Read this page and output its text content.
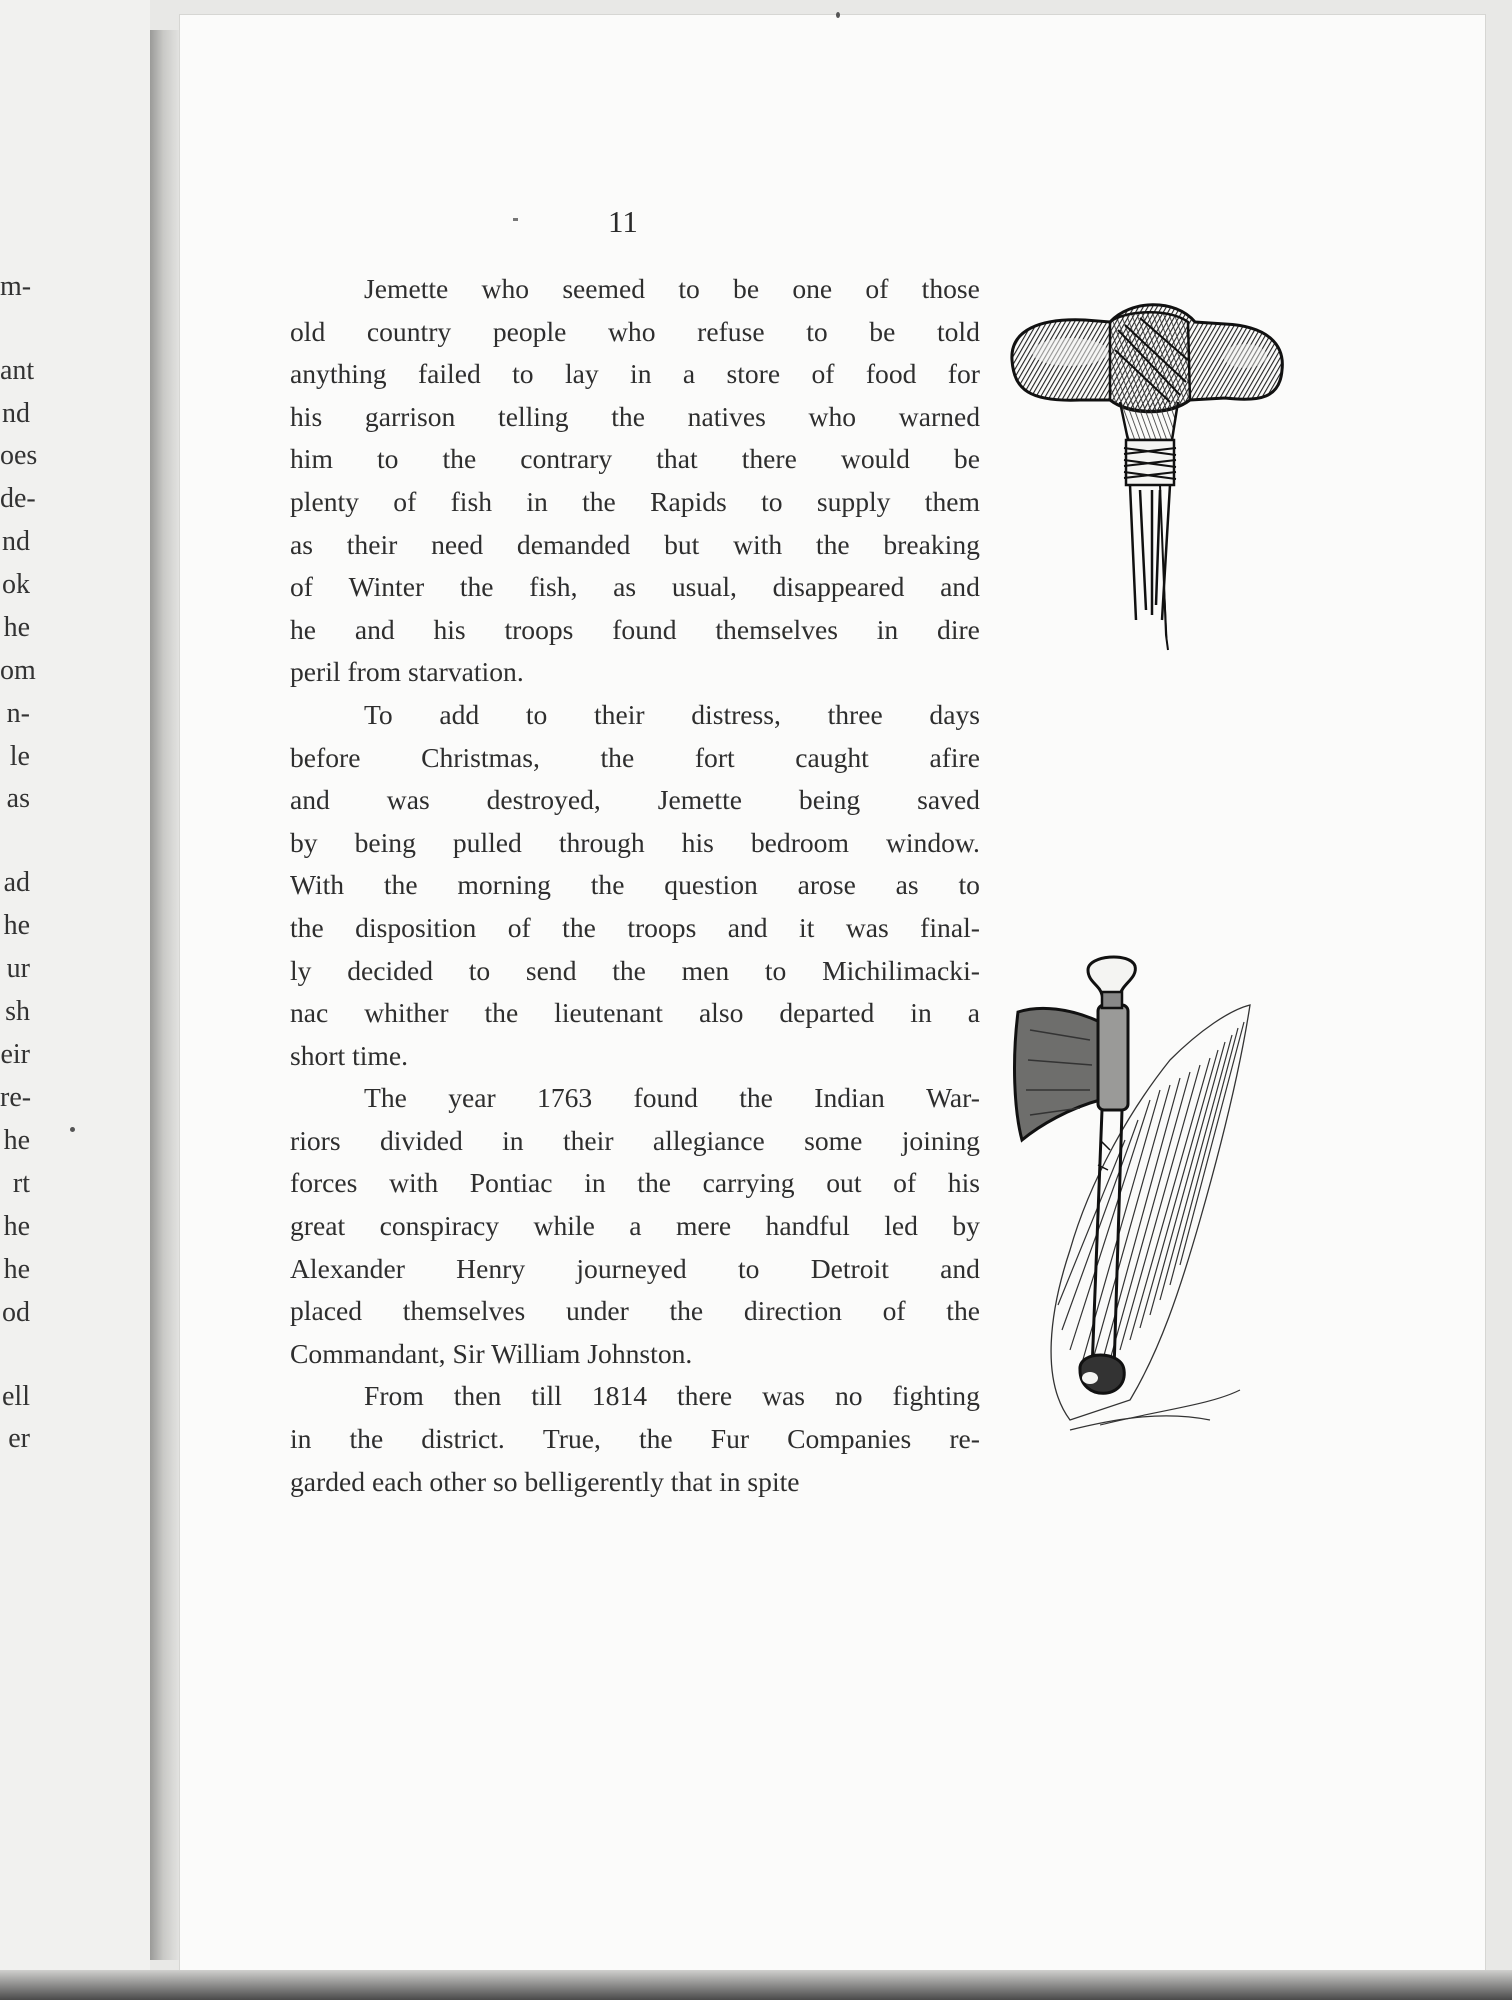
m-
ant
nd
oes
de-
nd
ok
he
om
n-
le
as
ad
he
ur
sh
eir
re-
he
rt
he
he
od
ell
er
11
Jemette who seemed to be one of those
old country people who refuse to be told
anything failed to lay in a store of food for
his garrison telling the natives who warned
him to the contrary that there would be
plenty of fish in the Rapids to supply them
as their need demanded but with the breaking
of Winter the fish, as usual, disappeared and
he and his troops found themselves in dire
peril from starvation.
To add to their distress, three days
before Christmas, the fort caught afire
and was destroyed, Jemette being saved
by being pulled through his bedroom window.
With the morning the question arose as to
the disposition of the troops and it was final-
ly decided to send the men to Michilimacki-
nac whither the lieutenant also departed in a
short time.
The year 1763 found the Indian War-
riors divided in their allegiance some joining
forces with Pontiac in the carrying out of his
great conspiracy while a mere handful led by
Alexander Henry journeyed to Detroit and
placed themselves under the direction of the
Commandant, Sir William Johnston.
From then till 1814 there was no fighting
in the district. True, the Fur Companies re-
garded each other so belligerently that in spite
